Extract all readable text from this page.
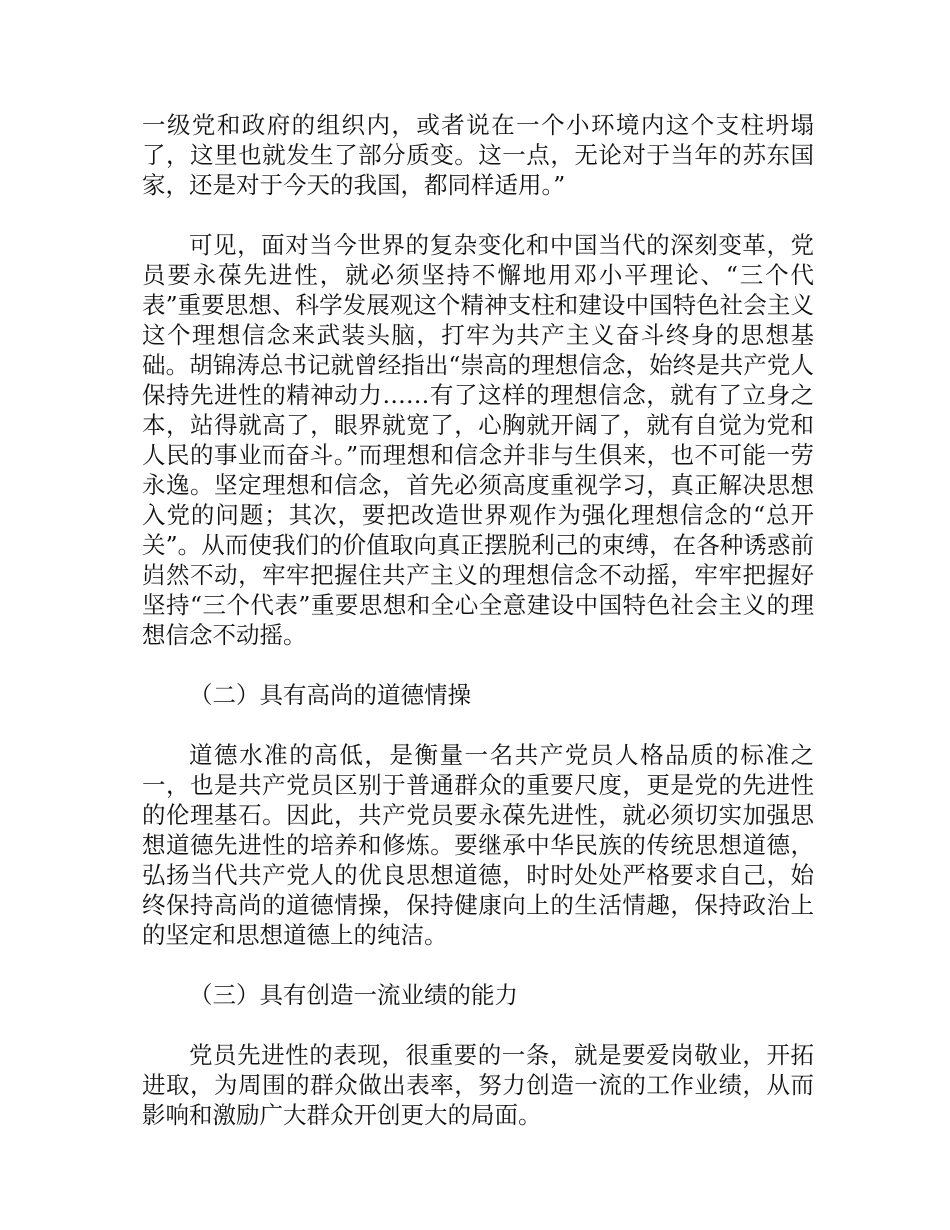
一级党和政府的组织内，或者说在一个小环境内这个支柱坍塌了，这里也就发生了部分质变。这一点，无论对于当年的苏东国家，还是对于今天的我国，都同样适用。”

可见，面对当今世界的复杂变化和中国当代的深刻变革，党员要永葆先进性，就必须坚持不懈地用邓小平理论、“三个代表”重要思想、科学发展观这个精神支柱和建设中国特色社会主义这个理想信念来武装头脑，打牢为共产主义奋斗终身的思想基础。胡锦涛总书记就曾经指出“崇高的理想信念，始终是共产党人保持先进性的精神动力……有了这样的理想信念，就有了立身之本，站得就高了，眼界就宽了，心胸就开阔了，就有自觉为党和人民的事业而奋斗。”而理想和信念并非与生俱来，也不可能一劳永逸。坚定理想和信念，首先必须高度重视学习，真正解决思想入党的问题；其次，要把改造世界观作为强化理想信念的“总开关”。从而使我们的价值取向真正摆脱利己的束缚，在各种诱惑前岿然不动，牢牢把握住共产主义的理想信念不动摇，牢牢把握好坚持“三个代表”重要思想和全心全意建设中国特色社会主义的理想信念不动摇。

（二）具有高尚的道德情操

道德水准的高低，是衡量一名共产党员人格品质的标准之一，也是共产党员区别于普通群众的重要尺度，更是党的先进性的伦理基石。因此，共产党员要永葆先进性，就必须切实加强思想道德先进性的培养和修炼。要继承中华民族的传统思想道德，弘扬当代共产党人的优良思想道德，时时处处严格要求自己，始终保持高尚的道德情操，保持健康向上的生活情趣，保持政治上的坚定和思想道德上的纯洁。

（三）具有创造一流业绩的能力

党员先进性的表现，很重要的一条，就是要爱岗敬业，开拓进取，为周围的群众做出表率，努力创造一流的工作业绩，从而影响和激励广大群众开创更大的局面。
